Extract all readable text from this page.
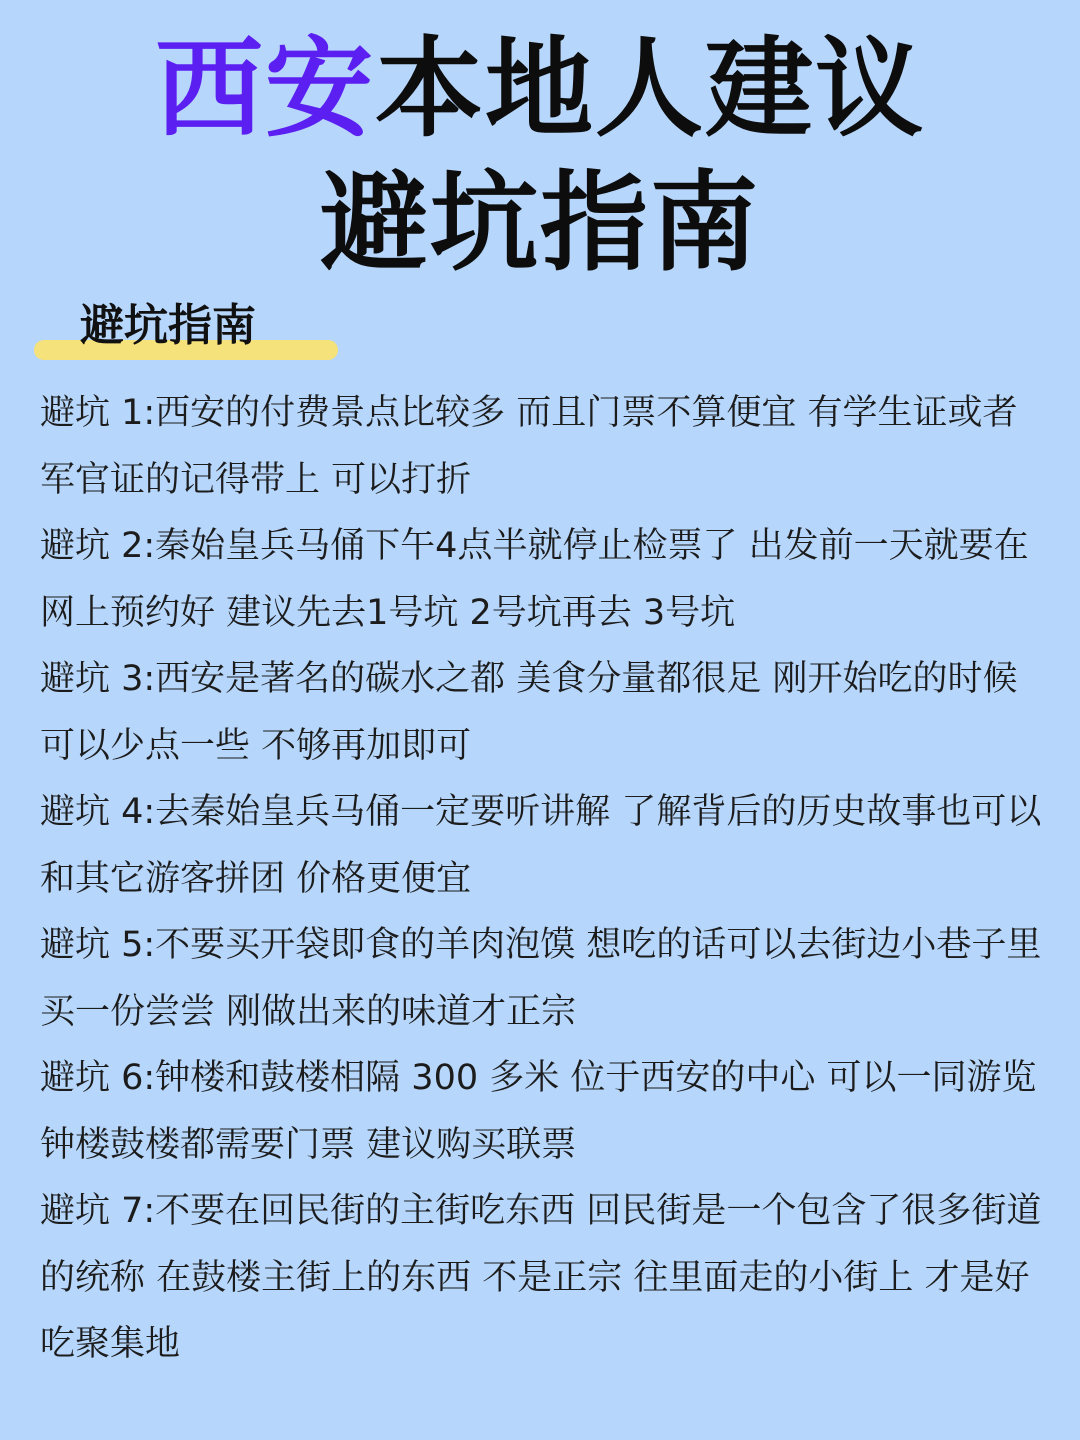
西安本地人建议
避坑指南
避坑指南

避坑 1:西安的付费景点比较多 而且门票不算便宜 有学生证或者军官证的记得带上 可以打折

避坑 2:秦始皇兵马俑下午4点半就停止检票了 出发前一天就要在网上预约好 建议先去1号坑 2号坑再去 3号坑

避坑 3:西安是著名的碳水之都 美食分量都很足 刚开始吃的时候可以少点一些 不够再加即可

避坑 4:去秦始皇兵马俑一定要听讲解 了解背后的历史故事也可以和其它游客拼团 价格更便宜

避坑 5:不要买开袋即食的羊肉泡馍 想吃的话可以去街边小巷子里买一份尝尝 刚做出来的味道才正宗

避坑 6:钟楼和鼓楼相隔 300 多米 位于西安的中心 可以一同游览 钟楼鼓楼都需要门票 建议购买联票

避坑 7:不要在回民街的主街吃东西 回民街是一个包含了很多街道的统称 在鼓楼主街上的东西 不是正宗 往里面走的小街上 才是好吃聚集地
